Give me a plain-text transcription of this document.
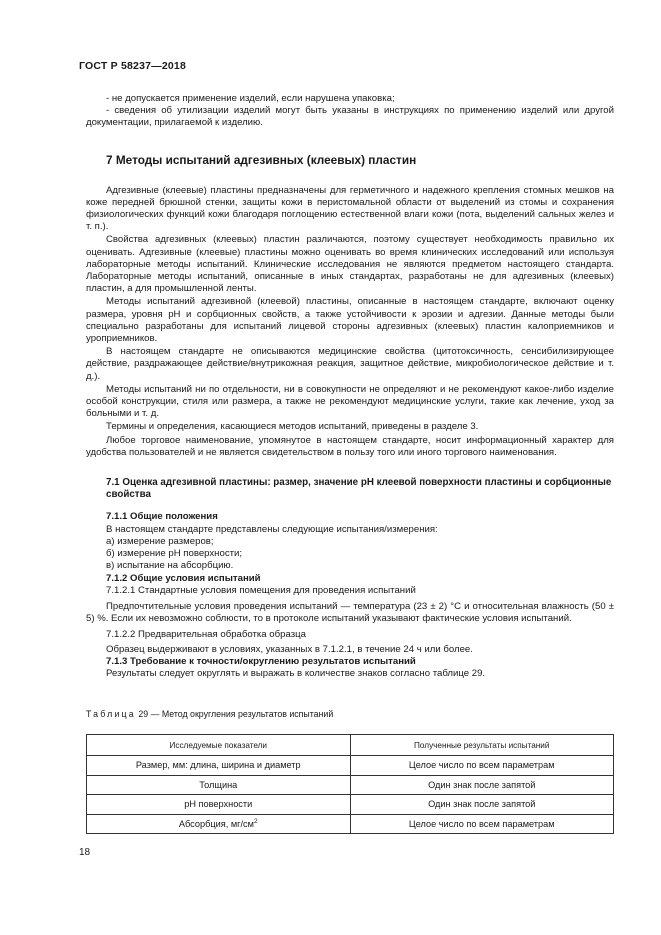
ГОСТ Р 58237—2018

- не допускается применение изделий, если нарушена упаковка;

- сведения об утилизации изделий могут быть указаны в инструкциях по применению изделий или другой документации, прилагаемой к изделию.

7 Методы испытаний адгезивных (клеевых) пластин

Адгезивные (клеевые) пластины предназначены для герметичного и надежного крепления стомных мешков на коже передней брюшной стенки, защиты кожи в перистомальной области от выделений из стомы и сохранения физиологических функций кожи благодаря поглощению естественной влаги кожи (пота, выделений сальных желез и т. п.).

Свойства адгезивных (клеевых) пластин различаются, поэтому существует необходимость правильно их оценивать. Адгезивные (клеевые) пластины можно оценивать во время клинических исследований или используя лабораторные методы испытаний. Клинические исследования не являются предметом настоящего стандарта. Лабораторные методы испытаний, описанные в иных стандартах, разработаны не для адгезивных (клеевых) пластин, а для промышленной ленты.

Методы испытаний адгезивной (клеевой) пластины, описанные в настоящем стандарте, включают оценку размера, уровня pH и сорбционных свойств, а также устойчивости к эрозии и адгезии. Данные методы были специально разработаны для испытаний лицевой стороны адгезивных (клеевых) пластин калоприемников и уроприемников.

В настоящем стандарте не описываются медицинские свойства (цитотоксичность, сенсибилизирующее действие, раздражающее действие/внутрикожная реакция, защитное действие, микробиологическое действие и т. д.).

Методы испытаний ни по отдельности, ни в совокупности не определяют и не рекомендуют какое-либо изделие особой конструкции, стиля или размера, а также не рекомендуют медицинские услуги, такие как лечение, уход за больными и т. д.

Термины и определения, касающиеся методов испытаний, приведены в разделе 3.

Любое торговое наименование, упомянутое в настоящем стандарте, носит информационный характер для удобства пользователей и не является свидетельством в пользу того или иного торгового наименования.

7.1 Оценка адгезивной пластины: размер, значение pH клеевой поверхности пластины и сорбционные свойства

7.1.1 Общие положения

В настоящем стандарте представлены следующие испытания/измерения:

а) измерение размеров;

б) измерение pH поверхности;

в) испытание на абсорбцию.

7.1.2 Общие условия испытаний

7.1.2.1 Стандартные условия помещения для проведения испытаний

Предпочтительные условия проведения испытаний — температура (23 ± 2) °С и относительная влажность (50 ± 5) %. Если их невозможно соблюсти, то в протоколе испытаний указывают фактические условия испытаний.

7.1.2.2 Предварительная обработка образца

Образец выдерживают в условиях, указанных в 7.1.2.1, в течение 24 ч или более.

7.1.3 Требование к точности/округлению результатов испытаний

Результаты следует округлять и выражать в количестве знаков согласно таблице 29.

Таблица 29 — Метод округления результатов испытаний
Исследуемые показатели	Полученные результаты испытаний
Размер, мм: длина, ширина и диаметр	Целое число по всем параметрам
Толщина	Один знак после запятой
pH поверхности	Один знак после запятой
Абсорбция, $мг/см^2$	Целое число по всем параметрам
18
